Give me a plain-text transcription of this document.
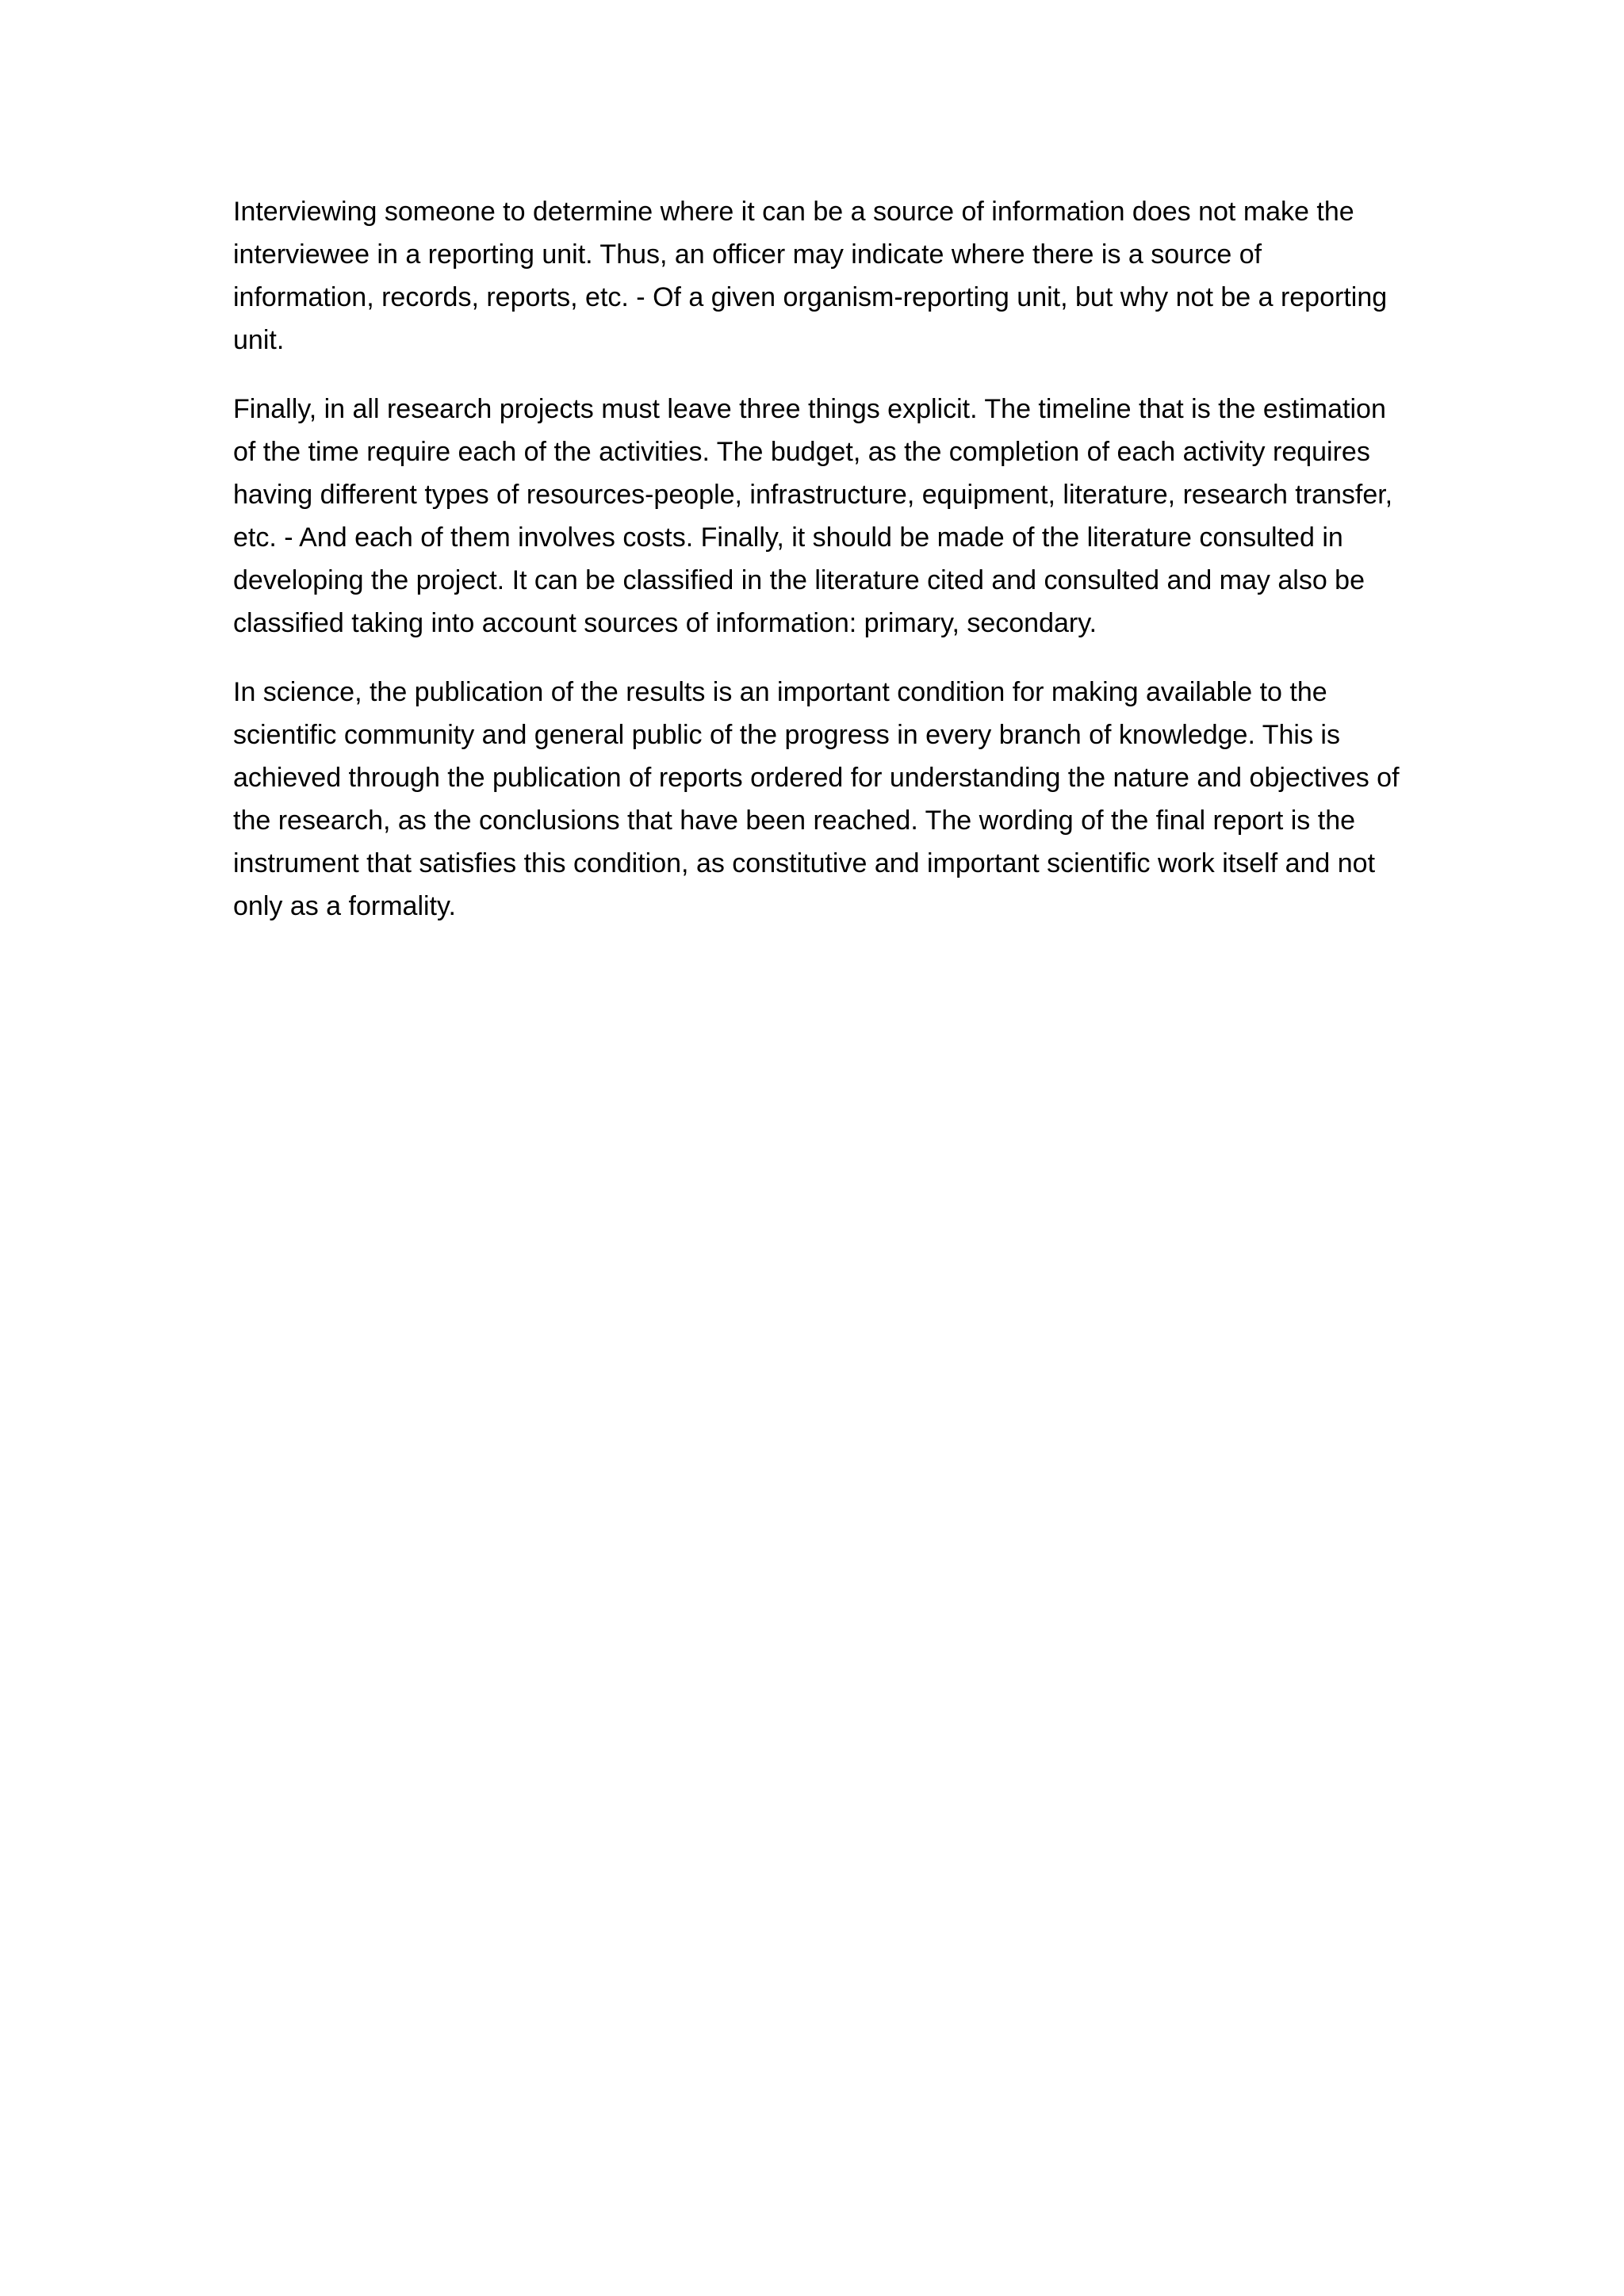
Interviewing someone to determine where it can be a source of information does not make the interviewee in a reporting unit. Thus, an officer may indicate where there is a source of information, records, reports, etc. - Of a given organism-reporting unit, but why not be a reporting unit.

Finally, in all research projects must leave three things explicit. The timeline that is the estimation of the time require each of the activities. The budget, as the completion of each activity requires having different types of resources-people, infrastructure, equipment, literature, research transfer, etc. - And each of them involves costs. Finally, it should be made of the literature consulted in developing the project. It can be classified in the literature cited and consulted and may also be classified taking into account sources of information: primary, secondary.

In science, the publication of the results is an important condition for making available to the scientific community and general public of the progress in every branch of knowledge. This is achieved through the publication of reports ordered for understanding the nature and objectives of the research, as the conclusions that have been reached. The wording of the final report is the instrument that satisfies this condition, as constitutive and important scientific work itself and not only as a formality.
